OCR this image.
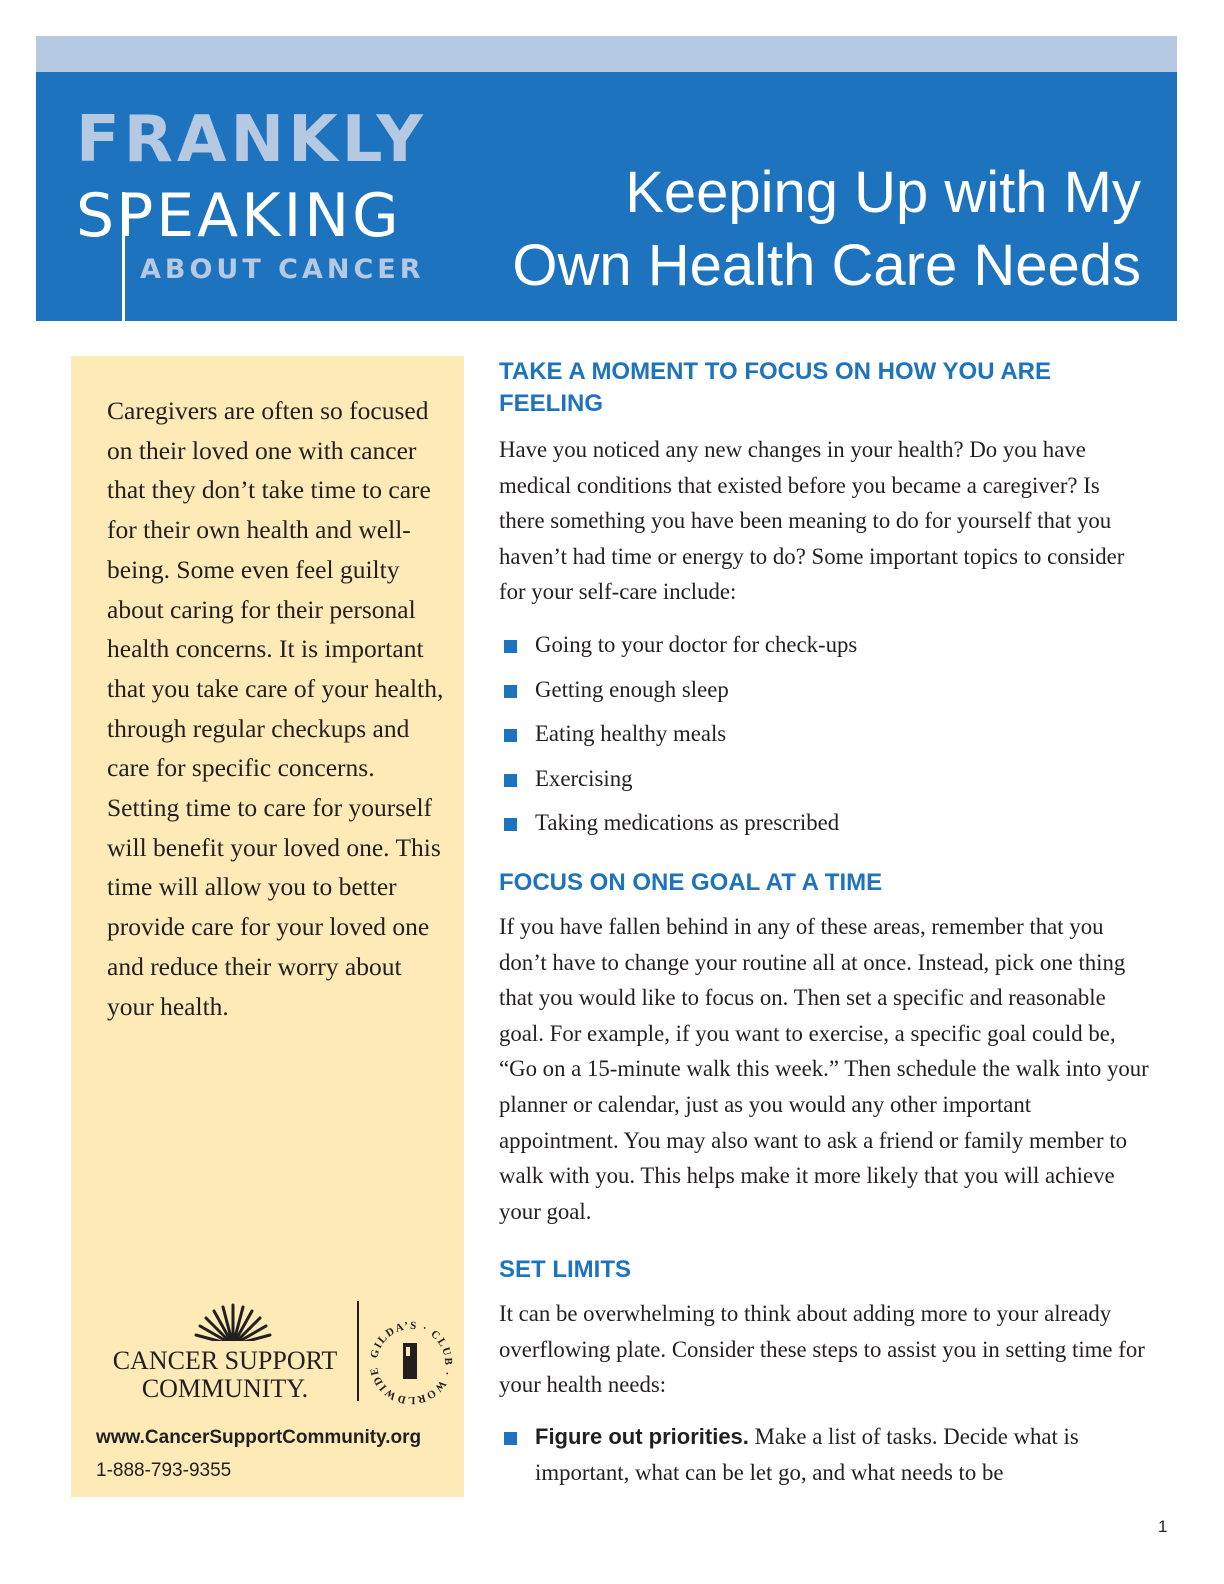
FRANKLY
SPEAKING
ABOUT CANCER
Keeping Up with My
Own Health Care Needs
Caregivers are often so focused on their loved one with cancer that they don’t take time to care for their own health and well-being. Some even feel guilty about caring for their personal health concerns. It is important that you take care of your health, through regular checkups and care for specific concerns. Setting time to care for yourself will benefit your loved one. This time will allow you to better provide care for your loved one and reduce their worry about your health.
CANCER SUPPORT
COMMUNITY.
GILDA’S · CLUB · WORLDWIDE
www.CancerSupportCommunity.org
1-888-793-9355
TAKE A MOMENT TO FOCUS ON HOW YOU ARE FEELING

Have you noticed any new changes in your health? Do you have medical conditions that existed before you became a caregiver? Is there something you have been meaning to do for yourself that you haven’t had time or energy to do? Some important topics to consider for your self-care include:

Going to your doctor for check-ups
Getting enough sleep
Eating healthy meals
Exercising
Taking medications as prescribed
FOCUS ON ONE GOAL AT A TIME

If you have fallen behind in any of these areas, remember that you don’t have to change your routine all at once. Instead, pick one thing that you would like to focus on. Then set a specific and reasonable goal. For example, if you want to exercise, a specific goal could be, “Go on a 15-minute walk this week.” Then schedule the walk into your planner or calendar, just as you would any other important appointment. You may also want to ask a friend or family member to walk with you. This helps make it more likely that you will achieve your goal.

SET LIMITS

It can be overwhelming to think about adding more to your already overflowing plate. Consider these steps to assist you in setting time for your health needs:

Figure out priorities. Make a list of tasks. Decide what is important, what can be let go, and what needs to be
1
